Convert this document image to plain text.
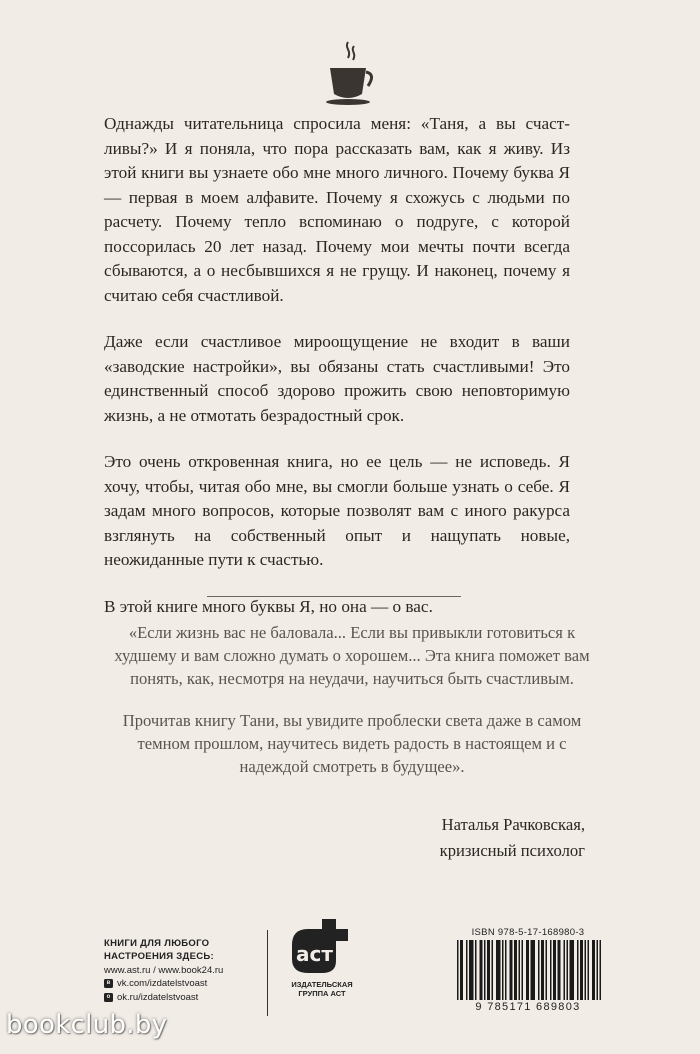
Однажды читательница спросила меня: «Таня, а вы счастливы?» И я поняла, что пора рассказать вам, как я живу. Из этой книги вы узнаете обо мне много личного. Почему буква Я — первая в моем алфавите. Почему я схожусь с людьми по расчету. Почему тепло вспоминаю о подруге, с которой поссорилась 20 лет назад. Почему мои мечты почти всегда сбываются, а о несбывшихся я не грущу. И наконец, почему я считаю себя счастливой.

Даже если счастливое мироощущение не входит в ваши «заводские настройки», вы обязаны стать счастливыми! Это единственный способ здорово прожить свою неповторимую жизнь, а не отмотать безрадостный срок.

Это очень откровенная книга, но ее цель — не исповедь. Я хочу, чтобы, читая обо мне, вы смогли больше узнать о себе. Я задам много вопросов, которые позволят вам с иного ракурса взглянуть на собственный опыт и нащупать новые, неожиданные пути к счастью.

В этой книге много буквы Я, но она — о вас.

«Если жизнь вас не баловала... Если вы привыкли готовиться к худшему и вам сложно думать о хорошем... Эта книга поможет вам понять, как, несмотря на неудачи, научиться быть счастливым.

Прочитав книгу Тани, вы увидите проблески света даже в самом темном прошлом, научитесь видеть радость в настоящем и с надеждой смотреть в будущее».

Наталья Рачковская,
кризисный психолог
КНИГИ ДЛЯ ЛЮБОГО
НАСТРОЕНИЯ ЗДЕСЬ:
www.ast.ru / www.book24.ru
в vk.com/izdatelstvoast
о ok.ru/izdatelstvoast
аст
ИЗДАТЕЛЬСКАЯ
ГРУППА АСТ
ISBN 978-5-17-168980-3
9 785171 689803
bookclub.by
